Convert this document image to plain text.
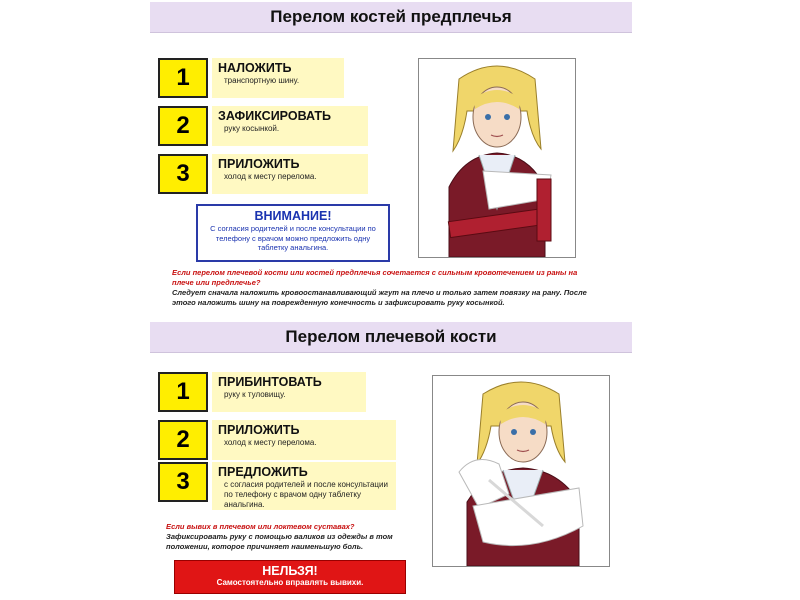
Перелом костей предплечья
1	НАЛОЖИТЬ
транспортную шину.
2	ЗАФИКСИРОВАТЬ
руку косынкой.
3	ПРИЛОЖИТЬ
холод к месту перелома.
ВНИМАНИЕ!
С согласия родителей и после консультации по телефону с врачом можно предложить одну таблетку анальгина.
Если перелом плечевой кости или костей предплечья сочетается с сильным кровотечением из раны на плече или предплечье?
Следует сначала наложить кровоостанавливающий жгут на плечо и только затем повязку на рану. После этого наложить шину на поврежденную конечность и зафиксировать руку косынкой.
Перелом плечевой кости
1	ПРИБИНТОВАТЬ
руку к туловищу.
2	ПРИЛОЖИТЬ
холод к месту перелома.
3	ПРЕДЛОЖИТЬ
с согласия родителей и после консультации по телефону с врачом одну таблетку анальгина.
Если вывих в плечевом или локтевом суставах?
Зафиксировать руку с помощью валиков из одежды в том положении, которое причиняет наименьшую боль.
НЕЛЬЗЯ!
Самостоятельно вправлять вывихи.
